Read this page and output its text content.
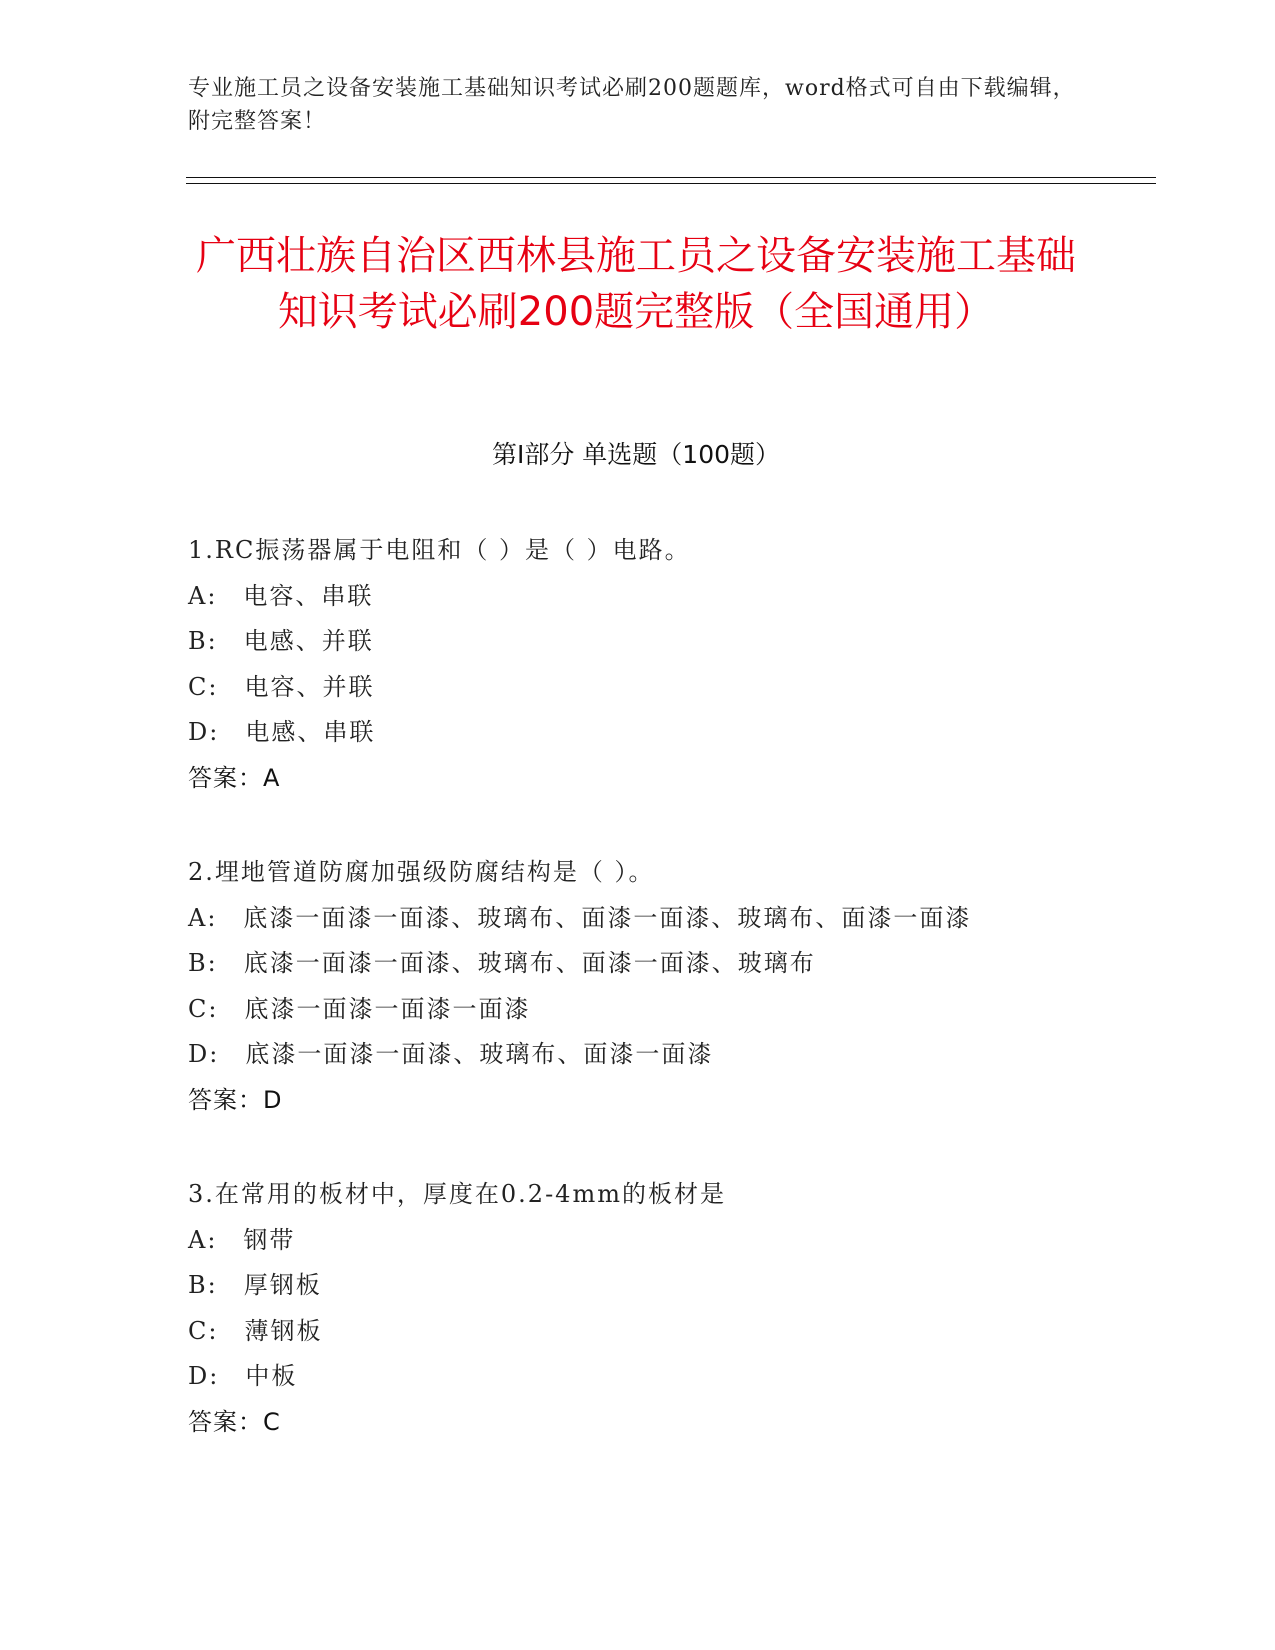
专业施工员之设备安装施工基础知识考试必刷200题题库，word格式可自由下载编辑，附完整答案！
广西壮族自治区西林县施工员之设备安装施工基础知识考试必刷200题完整版（全国通用）
第Ⅰ部分 单选题（100题）
1.RC振荡器属于电阻和（ ）是（ ）电路。
A: 电容、串联
B: 电感、并联
C: 电容、并联
D: 电感、串联
答案：A
2.埋地管道防腐加强级防腐结构是（ ）。
A: 底漆一面漆一面漆、玻璃布、面漆一面漆、玻璃布、面漆一面漆
B: 底漆一面漆一面漆、玻璃布、面漆一面漆、玻璃布
C: 底漆一面漆一面漆一面漆
D: 底漆一面漆一面漆、玻璃布、面漆一面漆
答案：D
3.在常用的板材中，厚度在0.2-4mm的板材是
A: 钢带
B: 厚钢板
C: 薄钢板
D: 中板
答案：C
